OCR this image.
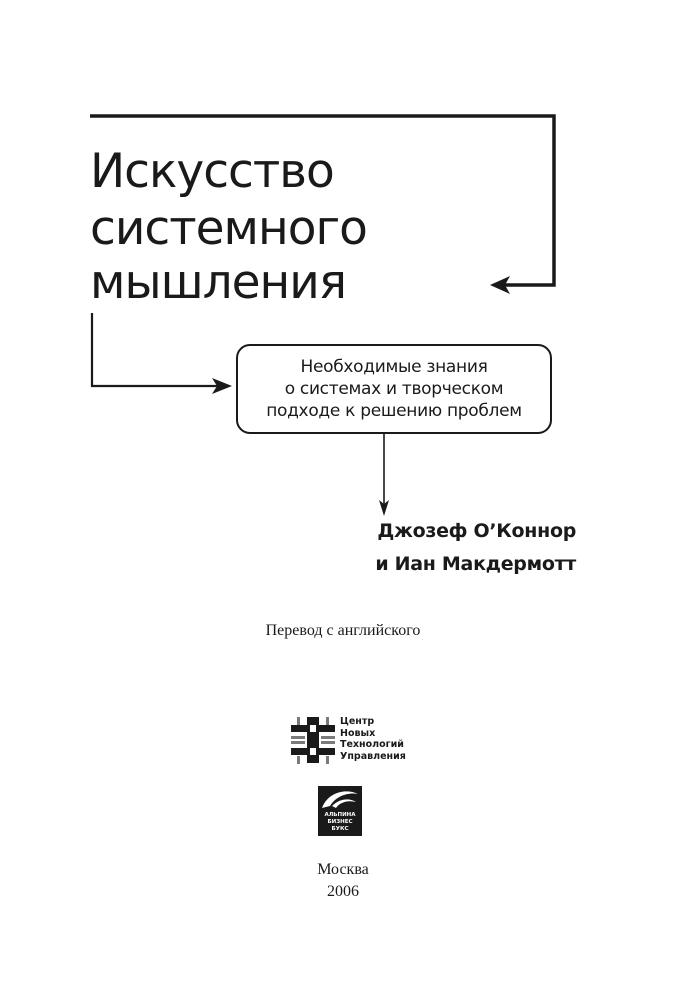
Искусство
системного
мышления
Необходимые знания
о системах и творческом
подходе к решению проблем
Джозеф О’Коннор
и Иан Макдермотт
Перевод с английского
Центр
Новых
Технологий
Управления
АЛЬПИНА
БИЗНЕС
БУКС
Москва
2006
